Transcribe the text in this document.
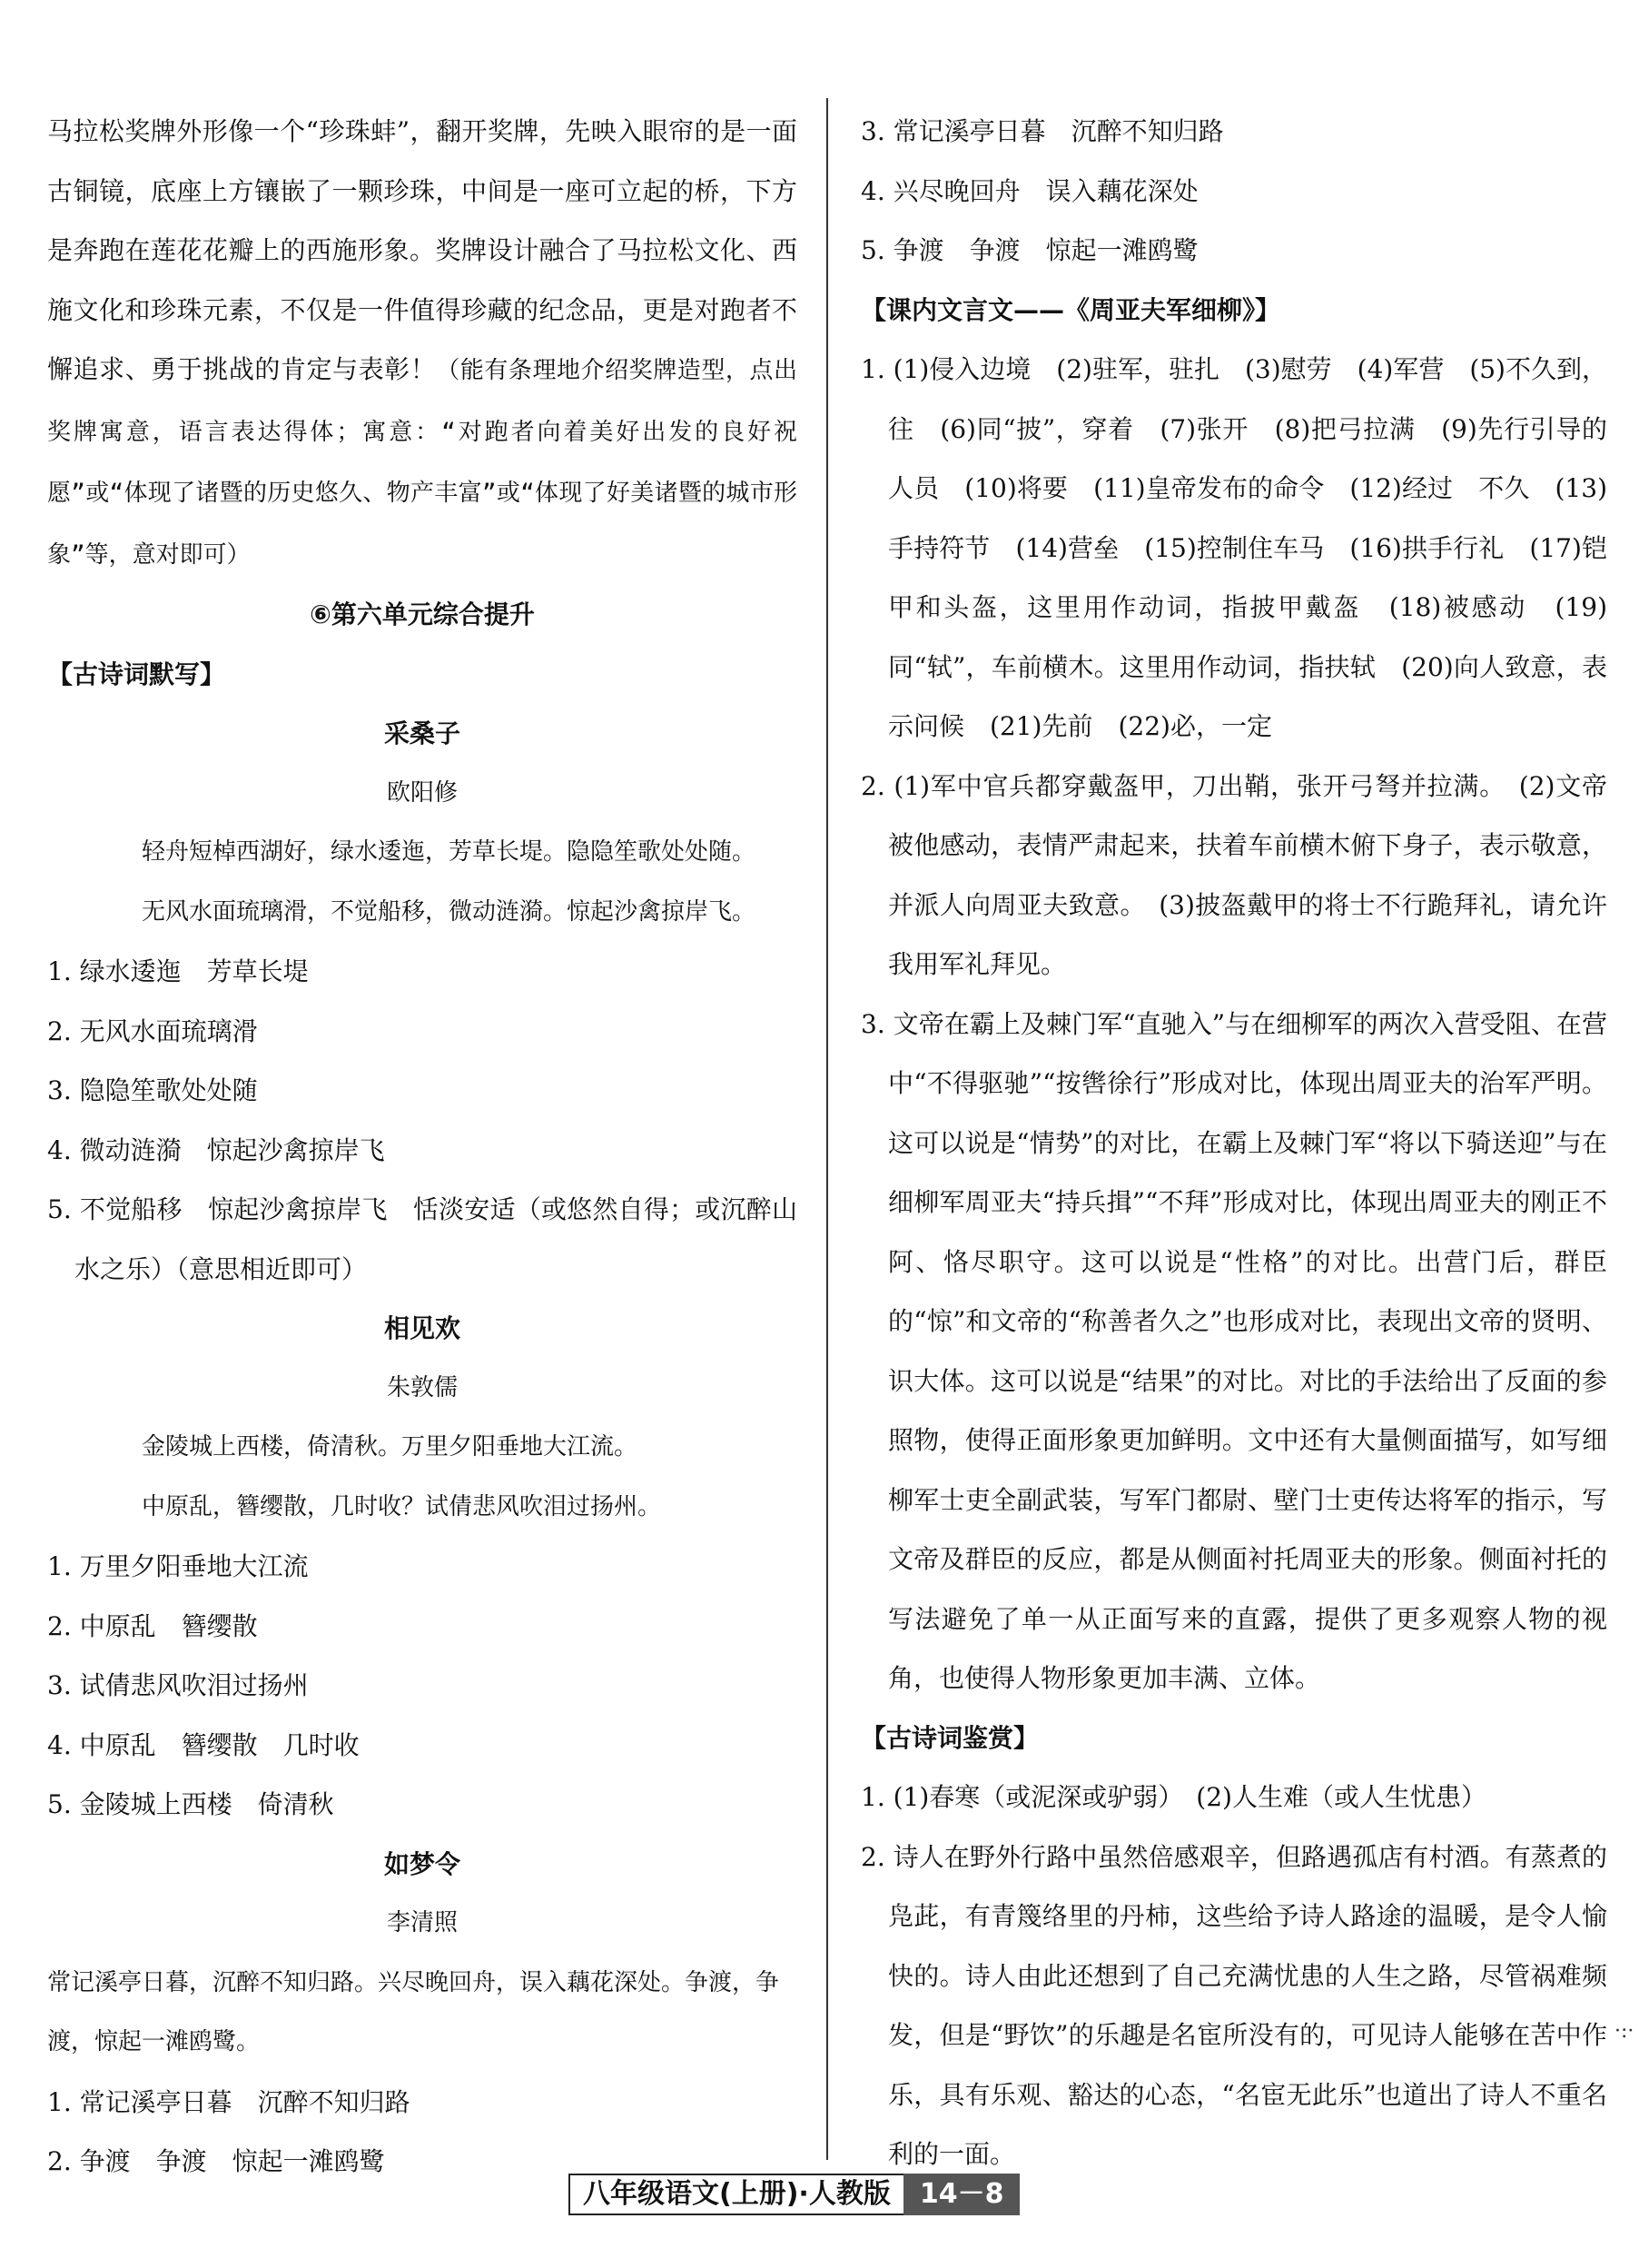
马拉松奖牌外形像一个“珍珠蚌”，翻开奖牌，先映入眼帘的是一面古铜镜，底座上方镶嵌了一颗珍珠，中间是一座可立起的桥，下方是奔跑在莲花花瓣上的西施形象。奖牌设计融合了马拉松文化、西施文化和珍珠元素，不仅是一件值得珍藏的纪念品，更是对跑者不懈追求、勇于挑战的肯定与表彰！（能有条理地介绍奖牌造型，点出奖牌寓意，语言表达得体；寓意：“对跑者向着美好出发的良好祝愿”或“体现了诸暨的历史悠久、物产丰富”或“体现了好美诸暨的城市形象”等，意对即可）

⑥第六单元综合提升

【古诗词默写】

采桑子

欧阳修

轻舟短棹西湖好，绿水逶迤，芳草长堤。隐隐笙歌处处随。

无风水面琉璃滑，不觉船移，微动涟漪。惊起沙禽掠岸飞。

1. 绿水逶迤　芳草长堤

2. 无风水面琉璃滑

3. 隐隐笙歌处处随

4. 微动涟漪　惊起沙禽掠岸飞

5. 不觉船移　惊起沙禽掠岸飞　恬淡安适（或悠然自得；或沉醉山水之乐）（意思相近即可）

相见欢

朱敦儒

金陵城上西楼，倚清秋。万里夕阳垂地大江流。

中原乱，簪缨散，几时收？试倩悲风吹泪过扬州。

1. 万里夕阳垂地大江流

2. 中原乱　簪缨散

3. 试倩悲风吹泪过扬州

4. 中原乱　簪缨散　几时收

5. 金陵城上西楼　倚清秋

如梦令

李清照

常记溪亭日暮，沉醉不知归路。兴尽晚回舟，误入藕花深处。争渡，争渡，惊起一滩鸥鹭。

1. 常记溪亭日暮　沉醉不知归路

2. 争渡　争渡　惊起一滩鸥鹭

3. 常记溪亭日暮　沉醉不知归路

4. 兴尽晚回舟　误入藕花深处

5. 争渡　争渡　惊起一滩鸥鹭

【课内文言文——《周亚夫军细柳》】

1. (1)侵入边境　(2)驻军，驻扎　(3)慰劳　(4)军营　(5)不久到，往　(6)同“披”，穿着　(7)张开　(8)把弓拉满　(9)先行引导的人员　(10)将要　(11)皇帝发布的命令　(12)经过　不久　(13)手持符节　(14)营垒　(15)控制住车马　(16)拱手行礼　(17)铠甲和头盔，这里用作动词，指披甲戴盔　(18)被感动　(19)同“轼”，车前横木。这里用作动词，指扶轼　(20)向人致意，表示问候　(21)先前　(22)必，一定

2. (1)军中官兵都穿戴盔甲，刀出鞘，张开弓弩并拉满。　(2)文帝被他感动，表情严肃起来，扶着车前横木俯下身子，表示敬意，并派人向周亚夫致意。　(3)披盔戴甲的将士不行跪拜礼，请允许我用军礼拜见。

3. 文帝在霸上及棘门军“直驰入”与在细柳军的两次入营受阻、在营中“不得驱驰”“按辔徐行”形成对比，体现出周亚夫的治军严明。这可以说是“情势”的对比，在霸上及棘门军“将以下骑送迎”与在细柳军周亚夫“持兵揖”“不拜”形成对比，体现出周亚夫的刚正不阿、恪尽职守。这可以说是“性格”的对比。出营门后，群臣的“惊”和文帝的“称善者久之”也形成对比，表现出文帝的贤明、识大体。这可以说是“结果”的对比。对比的手法给出了反面的参照物，使得正面形象更加鲜明。文中还有大量侧面描写，如写细柳军士吏全副武装，写军门都尉、壁门士吏传达将军的指示，写文帝及群臣的反应，都是从侧面衬托周亚夫的形象。侧面衬托的写法避免了单一从正面写来的直露，提供了更多观察人物的视角，也使得人物形象更加丰满、立体。

【古诗词鉴赏】

1. (1)春寒（或泥深或驴弱）　(2)人生难（或人生忧患）

2. 诗人在野外行路中虽然倍感艰辛，但路遇孤店有村酒。有蒸煮的凫茈，有青篾络里的丹柿，这些给予诗人路途的温暖，是令人愉快的。诗人由此还想到了自己充满忧患的人生之路，尽管祸难频发，但是“野饮”的乐趣是名宦所没有的，可见诗人能够在苦中作乐，具有乐观、豁达的心态，“名宦无此乐”也道出了诗人不重名利的一面。

·:·
八年级语文(上册)·人教版	14－8
